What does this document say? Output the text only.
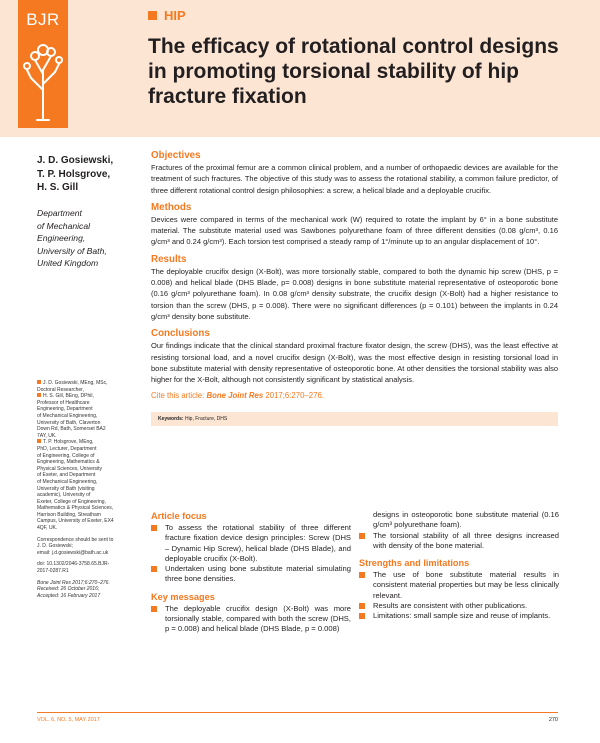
BJR	HIP
The efficacy of rotational control designs in promoting torsional stability of hip fracture fixation
J. D. Gosiewski,
T. P. Holsgrove,
H. S. Gill
Department
of Mechanical
Engineering,
University of Bath,
United Kingdom

J. D. Gosiewski, MEng, MSc,

Doctoral Researcher,

H. S. Gill, BEng, DPhil,

Professor of Healthcare

Engineering, Department

of Mechanical Engineering,

University of Bath, Claverton

Down Rd, Bath, Somerset BA2

7AY, UK.

T. P. Holsgrove, MEng,

PhD, Lecturer, Department

of Engineering, College of

Engineering, Mathematics &

Physical Sciences, University

of Exeter, and Department

of Mechanical Engineering,

University of Bath (visiting

academic), University of

Exeter, College of Engineering,

Mathematics & Physical Sciences,

Harrison Building, Streatham

Campus, University of Exeter, EX4

4QF, UK.

Correspondence should be sent to

J. D. Gosiewski;

email: j.d.gosiewski@bath.ac.uk

doi: 10.1302/2046-3758.65.BJR-

2017-0287.R1

Bone Joint Res 2017;6:270–276.

Received: 26 October 2016;

Accepted: 16 February 2017

Objectives

Fractures of the proximal femur are a common clinical problem, and a number of orthopaedic devices are available for the treatment of such fractures. The objective of this study was to assess the rotational stability, a common failure predictor, of three different rotational control design philosophies: a screw, a helical blade and a deployable crucifix.

Methods

Devices were compared in terms of the mechanical work (W) required to rotate the implant by 6° in a bone substitute material. The substitute material used was Sawbones polyurethane foam of three different densities (0.08 g/cm³, 0.16 g/cm³ and 0.24 g/cm³). Each torsion test comprised a steady ramp of 1°/minute up to an angular displacement of 10°.

Results

The deployable crucifix design (X-Bolt), was more torsionally stable, compared to both the dynamic hip screw (DHS, p = 0.008) and helical blade (DHS Blade, p= 0.008) designs in bone substitute material representative of osteoporotic bone (0.16 g/cm³ polyurethane foam). In 0.08 g/cm³ density substrate, the crucifix design (X-Bolt) had a higher resistance to torsion than the screw (DHS, p = 0.008). There were no significant differences (p = 0.101) between the implants in 0.24 g/cm³ density bone substitute.

Conclusions

Our findings indicate that the clinical standard proximal fracture fixator design, the screw (DHS), was the least effective at resisting torsional load, and a novel crucifix design (X-Bolt), was the most effective design in resisting torsional load in bone substitute material with density representative of osteoporotic bone. At other densities the torsional stability was also higher for the X-Bolt, although not consistently significant by statistical analysis.

Cite this article: Bone Joint Res 2017;6:270–276.
Keywords: Hip, Fracture, DHS
Article focus
To assess the rotational stability of three different fracture fixation device design principles: Screw (DHS – Dynamic Hip Screw), helical blade (DHS Blade), and deployable crucifix (X-Bolt).
Undertaken using bone substitute material simulating three bone densities.
Key messages
The deployable crucifix design (X-Bolt) was more torsionally stable, compared with both the screw (DHS, p = 0.008) and helical blade (DHS Blade, p = 0.008)
designs in osteoporotic bone substitute material (0.16 g/cm³ polyurethane foam).
The torsional stability of all three designs increased with density of the bone material.
Strengths and limitations
The use of bone substitute material results in consistent material properties but may be less clinically relevant.
Results are consistent with other publications.
Limitations: small sample size and reuse of implants.
VOL. 6, NO. 5, MAY 2017	270
